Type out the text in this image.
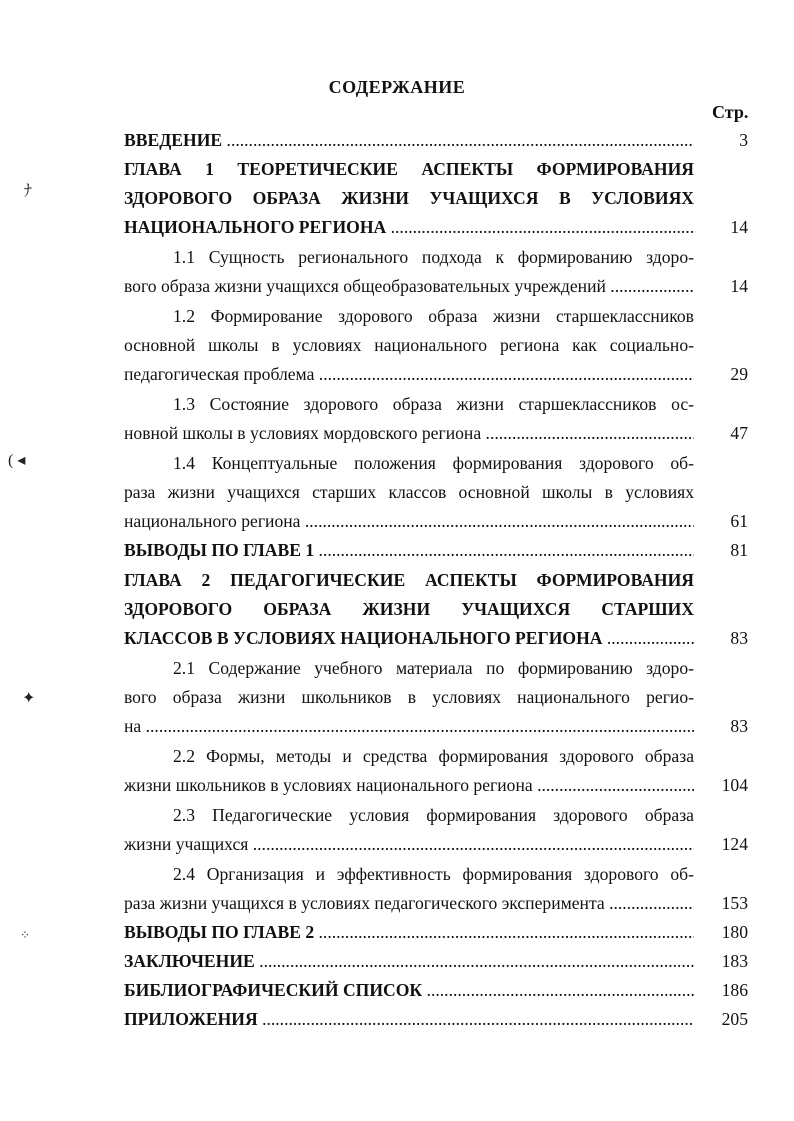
СОДЕРЖАНИЕ
Стр.
ВВЕДЕНИЕ .....	3
ГЛАВА 1 ТЕОРЕТИЧЕСКИЕ АСПЕКТЫ ФОРМИРОВАНИЯ
ЗДОРОВОГО ОБРАЗА ЖИЗНИ УЧАЩИХСЯ В УСЛОВИЯХ
НАЦИОНАЛЬНОГО РЕГИОНА .....	14
1.1 Сущность регионального подхода к формированию здоро-
вого образа жизни учащихся общеобразовательных учреждений .....	14
1.2 Формирование здорового образа жизни старшеклассников
основной школы в условиях национального региона как социально-
педагогическая проблема .....	29
1.3 Состояние здорового образа жизни старшеклассников ос-
новной школы в условиях мордовского региона .....	47
1.4 Концептуальные положения формирования здорового об-
раза жизни учащихся старших классов основной школы в условиях
национального региона .....	61
ВЫВОДЫ ПО ГЛАВЕ 1 .....	81
ГЛАВА 2 ПЕДАГОГИЧЕСКИЕ АСПЕКТЫ ФОРМИРОВАНИЯ
ЗДОРОВОГО ОБРАЗА ЖИЗНИ УЧАЩИХСЯ СТАРШИХ
КЛАССОВ В УСЛОВИЯХ НАЦИОНАЛЬНОГО РЕГИОНА .....	83
2.1 Содержание учебного материала по формированию здоро-
вого образа жизни школьников в условиях национального регио-
на .....	83
2.2 Формы, методы и средства формирования здорового образа
жизни школьников в условиях национального региона .....	104
2.3 Педагогические условия формирования здорового образа
жизни учащихся .....	124
2.4 Организация и эффективность формирования здорового об-
раза жизни учащихся в условиях педагогического эксперимента .....	153
ВЫВОДЫ ПО ГЛАВЕ 2 .....	180
ЗАКЛЮЧЕНИЕ .....	183
БИБЛИОГРАФИЧЕСКИЙ СПИСОК .....	186
ПРИЛОЖЕНИЯ .....	205
ﾅ
( ◂
✦
⁘
